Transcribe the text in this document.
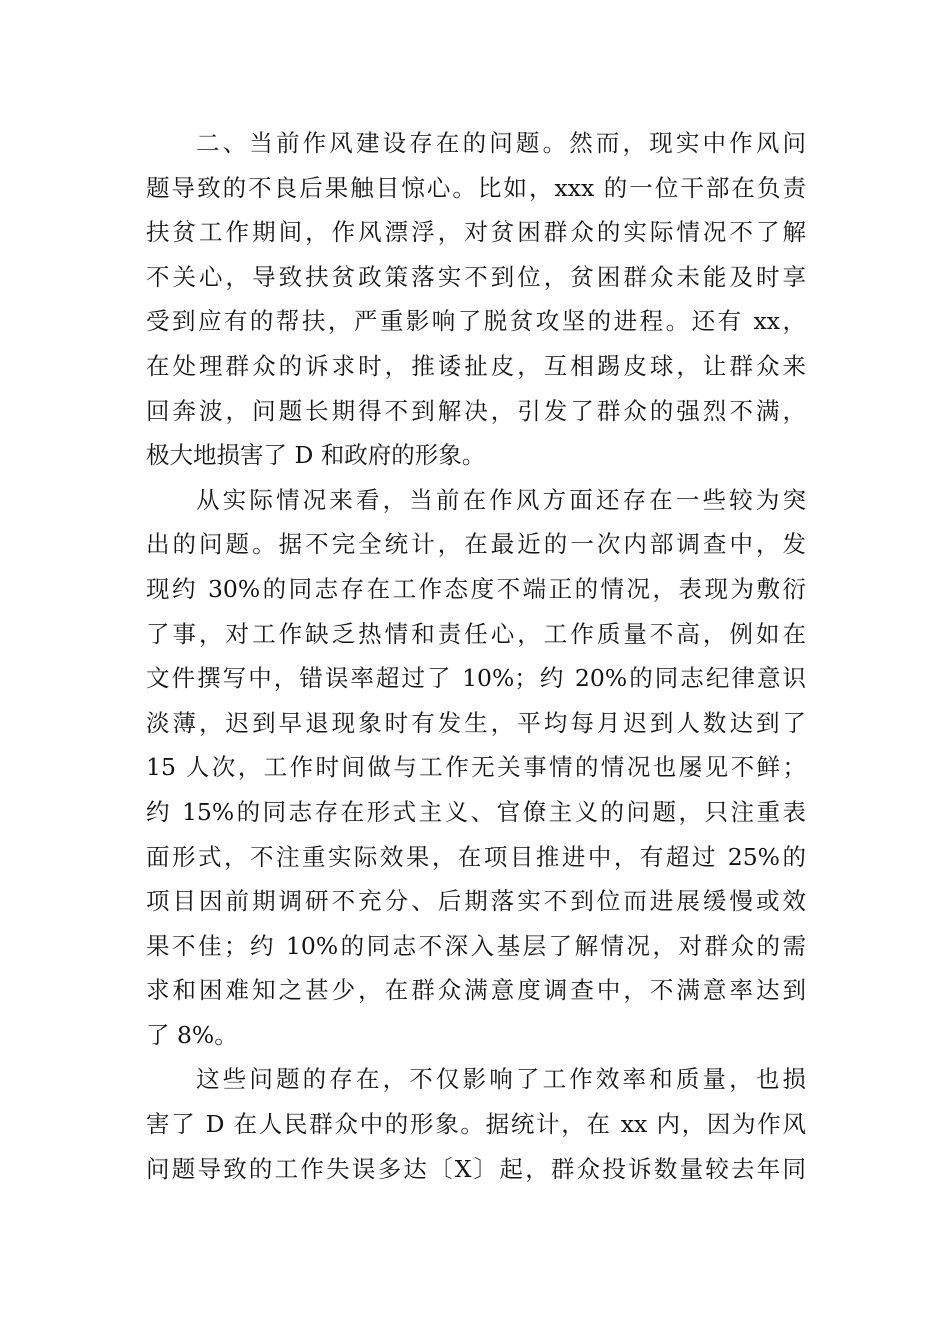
二、当前作风建设存在的问题。然而，现实中作风问
题导致的不良后果触目惊心。比如，xxx 的一位干部在负责
扶贫工作期间，作风漂浮，对贫困群众的实际情况不了解
不关心，导致扶贫政策落实不到位，贫困群众未能及时享
受到应有的帮扶，严重影响了脱贫攻坚的进程。还有 xx，
在处理群众的诉求时，推诿扯皮，互相踢皮球，让群众来
回奔波，问题长期得不到解决，引发了群众的强烈不满，
极大地损害了 D 和政府的形象。
从实际情况来看，当前在作风方面还存在一些较为突
出的问题。据不完全统计，在最近的一次内部调查中，发
现约 30%的同志存在工作态度不端正的情况，表现为敷衍
了事，对工作缺乏热情和责任心，工作质量不高，例如在
文件撰写中，错误率超过了 10%；约 20%的同志纪律意识
淡薄，迟到早退现象时有发生，平均每月迟到人数达到了
15 人次，工作时间做与工作无关事情的情况也屡见不鲜；
约 15%的同志存在形式主义、官僚主义的问题，只注重表
面形式，不注重实际效果，在项目推进中，有超过 25%的
项目因前期调研不充分、后期落实不到位而进展缓慢或效
果不佳；约 10%的同志不深入基层了解情况，对群众的需
求和困难知之甚少，在群众满意度调查中，不满意率达到
了 8%。
这些问题的存在，不仅影响了工作效率和质量，也损
害了 D 在人民群众中的形象。据统计，在 xx 内，因为作风
问题导致的工作失误多达〔X〕起，群众投诉数量较去年同
